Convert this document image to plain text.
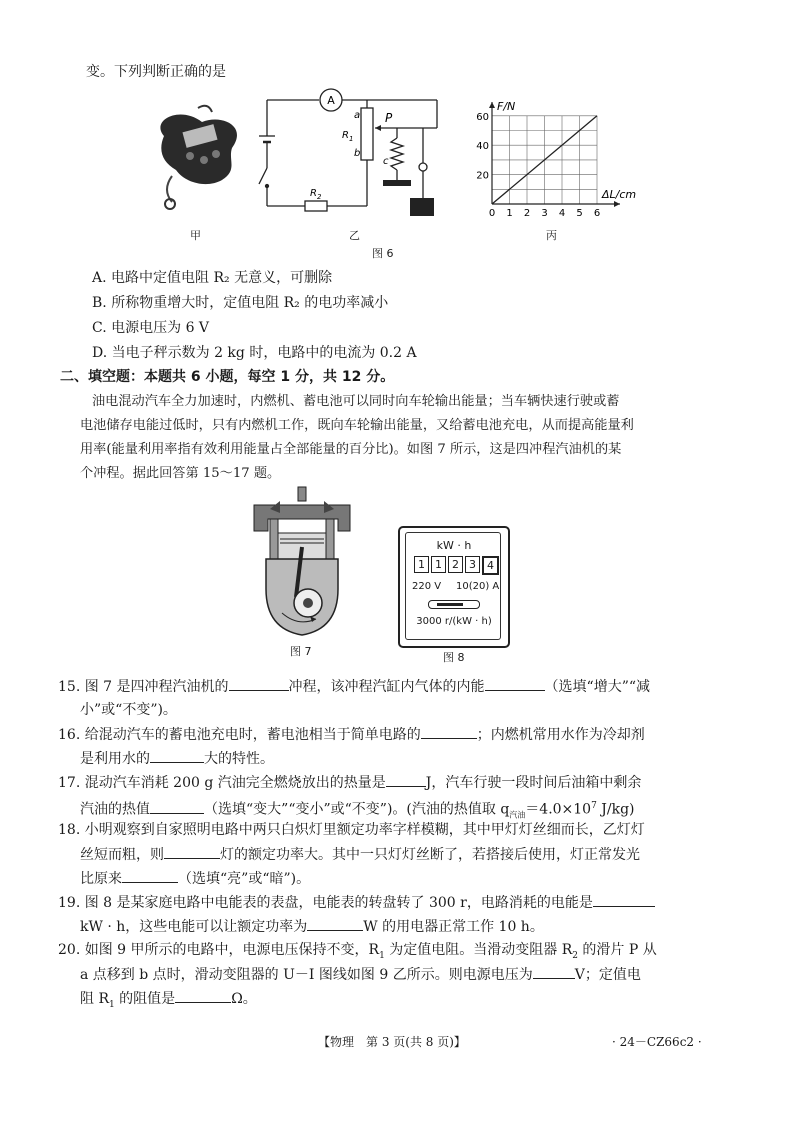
变。下列判断正确的是
A
a
b
$R_1$
P
c
$R_2$
F/N
ΔL/cm
20
40
60
0 1 2 3 4 5 6
甲	乙	丙
图 6
A. 电路中定值电阻 R₂ 无意义，可删除
B. 所称物重增大时，定值电阻 R₂ 的电功率减小
C. 电源电压为 6 V
D. 当电子秤示数为 2 kg 时，电路中的电流为 0.2 A
二、填空题：本题共 6 小题，每空 1 分，共 12 分。
油电混动汽车全力加速时，内燃机、蓄电池可以同时向车轮输出能量；当车辆快速行驶或蓄
电池储存电能过低时，只有内燃机工作，既向车轮输出能量，又给蓄电池充电，从而提高能量利
用率(能量利用率指有效利用能量占全部能量的百分比)。如图 7 所示，这是四冲程汽油机的某
个冲程。据此回答第 15～17 题。
图 7
kW · h
1 1 2 3	4
220 V 10(20) A
3000 r/(kW · h)
图 8
15. 图 7 是四冲程汽油机的	冲程，该冲程汽缸内气体的内能	（选填“增大”“减
小”或“不变”)。
16. 给混动汽车的蓄电池充电时，蓄电池相当于简单电路的	；内燃机常用水作为冷却剂
是利用水的	大的特性。
17. 混动汽车消耗 200 g 汽油完全燃烧放出的热量是	J，汽车行驶一段时间后油箱中剩余
汽油的热值	（选填“变大”“变小”或“不变”)。(汽油的热值取 $q_{汽油}=4.0\times 10^7$ J/kg)
18. 小明观察到自家照明电路中两只白炽灯里额定功率字样模糊，其中甲灯灯丝细而长，乙灯灯
丝短而粗，则	灯的额定功率大。其中一只灯灯丝断了，若搭接后使用，灯正常发光
比原来	（选填“亮”或“暗”)。
19. 图 8 是某家庭电路中电能表的表盘，电能表的转盘转了 300 r，电路消耗的电能是
kW · h，这些电能可以让额定功率为	W 的用电器正常工作 10 h。
20. 如图 9 甲所示的电路中，电源电压保持不变，$R_1$ 为定值电阻。当滑动变阻器 $R_2$ 的滑片 P 从
a 点移到 b 点时，滑动变阻器的 U－I 图线如图 9 乙所示。则电源电压为	V；定值电
阻 $R_1$ 的阻值是	Ω。
【物理　第 3 页(共 8 页)】	· 24－CZ66c2 ·
